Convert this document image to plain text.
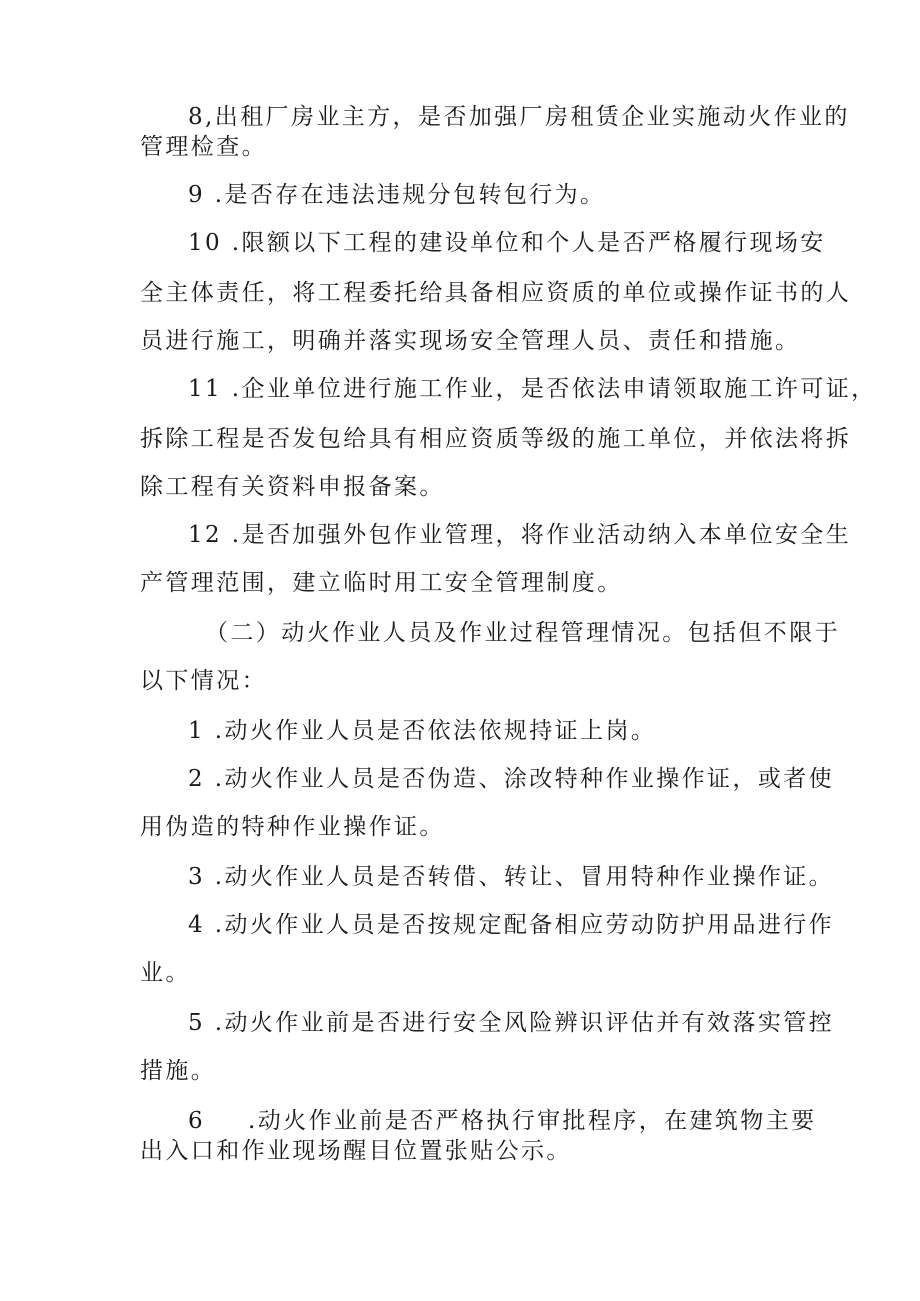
8,出租厂房业主方，是否加强厂房租赁企业实施动火作业的
管理检查。
9 .是否存在违法违规分包转包行为。
10 .限额以下工程的建设单位和个人是否严格履行现场安
全主体责任，将工程委托给具备相应资质的单位或操作证书的人
员进行施工，明确并落实现场安全管理人员、责任和措施。
11 .企业单位进行施工作业，是否依法申请领取施工许可证，
拆除工程是否发包给具有相应资质等级的施工单位，并依法将拆
除工程有关资料申报备案。
12 .是否加强外包作业管理，将作业活动纳入本单位安全生
产管理范围，建立临时用工安全管理制度。
（二）动火作业人员及作业过程管理情况。包括但不限于
以下情况：
1 .动火作业人员是否依法依规持证上岗。
2 .动火作业人员是否伪造、涂改特种作业操作证，或者使
用伪造的特种作业操作证。
3 .动火作业人员是否转借、转让、冒用特种作业操作证。
4 .动火作业人员是否按规定配备相应劳动防护用品进行作
业。
5 .动火作业前是否进行安全风险辨识评估并有效落实管控
措施。
6 .动火作业前是否严格执行审批程序，在建筑物主要
出入口和作业现场醒目位置张贴公示。
